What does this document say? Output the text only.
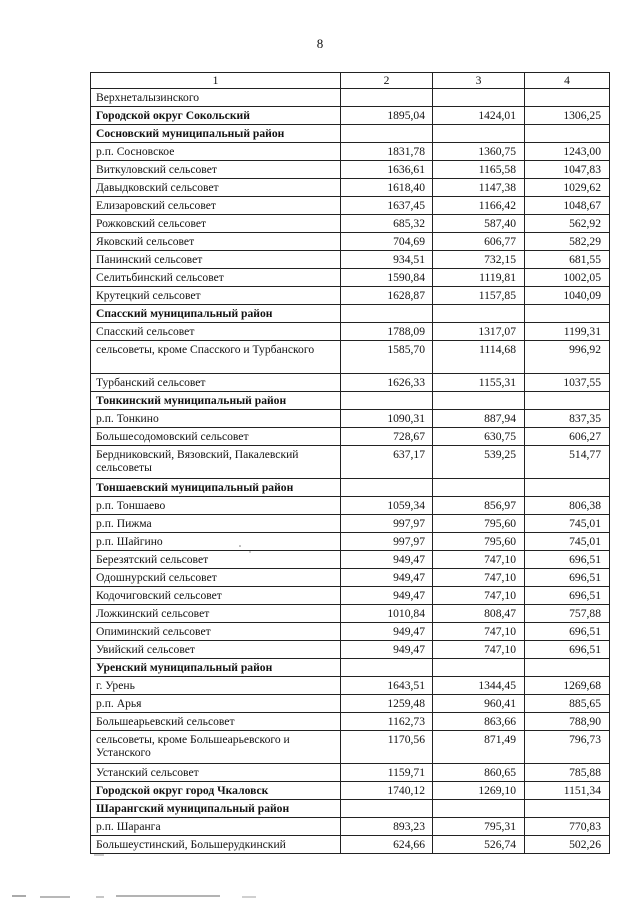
8
1	2	3	4
Верхнеталызинского			
Городской округ Сокольский	1895,04	1424,01	1306,25
Сосновский муниципальный район			
р.п. Сосновское	1831,78	1360,75	1243,00
Виткуловский сельсовет	1636,61	1165,58	1047,83
Давыдковский сельсовет	1618,40	1147,38	1029,62
Елизаровский сельсовет	1637,45	1166,42	1048,67
Рожковский сельсовет	685,32	587,40	562,92
Яковский сельсовет	704,69	606,77	582,29
Панинский сельсовет	934,51	732,15	681,55
Селитьбинский сельсовет	1590,84	1119,81	1002,05
Крутецкий сельсовет	1628,87	1157,85	1040,09
Спасский муниципальный район			
Спасский сельсовет	1788,09	1317,07	1199,31
сельсоветы, кроме Спасского и Турбанского	1585,70	1114,68	996,92
Турбанский сельсовет	1626,33	1155,31	1037,55
Тонкинский муниципальный район			
р.п. Тонкино	1090,31	887,94	837,35
Большесодомовский сельсовет	728,67	630,75	606,27
Бердниковский, Вязовский, Пакалевский сельсоветы	637,17	539,25	514,77
Тоншаевский муниципальный район			
р.п. Тоншаево	1059,34	856,97	806,38
р.п. Пижма	997,97	795,60	745,01
р.п. Шайгино	997,97	795,60	745,01
Березятский сельсовет	949,47	747,10	696,51
Одошнурский сельсовет	949,47	747,10	696,51
Кодочиговский сельсовет	949,47	747,10	696,51
Ложкинский сельсовет	1010,84	808,47	757,88
Опиминский сельсовет	949,47	747,10	696,51
Увийский сельсовет	949,47	747,10	696,51
Уренский муниципальный район			
г. Урень	1643,51	1344,45	1269,68
р.п. Арья	1259,48	960,41	885,65
Большеарьевский сельсовет	1162,73	863,66	788,90
сельсоветы, кроме Большеарьевского и Устанского	1170,56	871,49	796,73
Устанский сельсовет	1159,71	860,65	785,88
Городской округ город Чкаловск	1740,12	1269,10	1151,34
Шарангский муниципальный район			
р.п. Шаранга	893,23	795,31	770,83
Большеустинский, Большерудкинский	624,66	526,74	502,26
